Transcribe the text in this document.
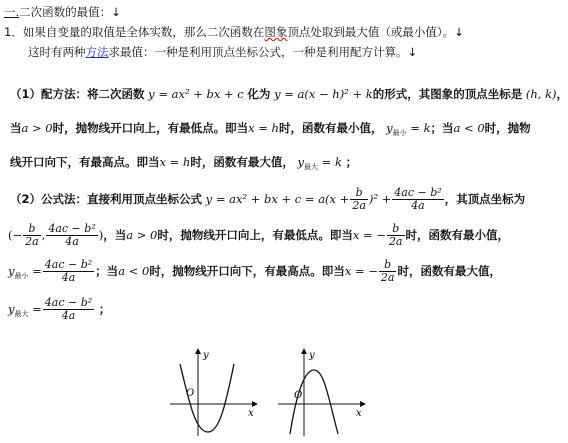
一.二次函数的最值：↓
1．如果自变量的取值是全体实数，那么二次函数在图象顶点处取到最大值（或最小值）。↓
这时有两种方法求最值：一种是利用顶点坐标公式，一种是利用配方计算。↓
（1）配方法：将二次函数 y = ax² + bx + c 化为 y = a(x − h)² + k的形式，其图象的顶点坐标是 (h, k)，
当a > 0时，抛物线开口向上，有最低点。即当x = h时，函数有最小值， $y_{最小} = k$；当a < 0时，抛物
线开口向下，有最高点。即当x = h时，函数有最大值， $y_{最大} = k$ ；
（2）公式法：直接利用顶点坐标公式 y = ax² + bx + $c = a(x + \frac{b}{2a} )^2 + \frac{\text{4ac − b²}}{4a}$ ，其顶点坐标为
(− $\frac{b}{2a}$ , $\frac{\text{4ac − b²}}{4a}$ )，当a > 0时，抛物线开口向上，有最低点。即当x = − $\frac{b}{2a}$ 时，函数有最小值，
$y_{最小} = \frac{\text{4ac − b²}}{4a}$ ；当a < 0时，抛物线开口向下，有最高点。即当x = − $\frac{b}{2a}$ 时，函数有最大值，
$y_{最大} = \frac{\text{4ac − b²}}{4a}$ ；
y
x
O
y
x
O
